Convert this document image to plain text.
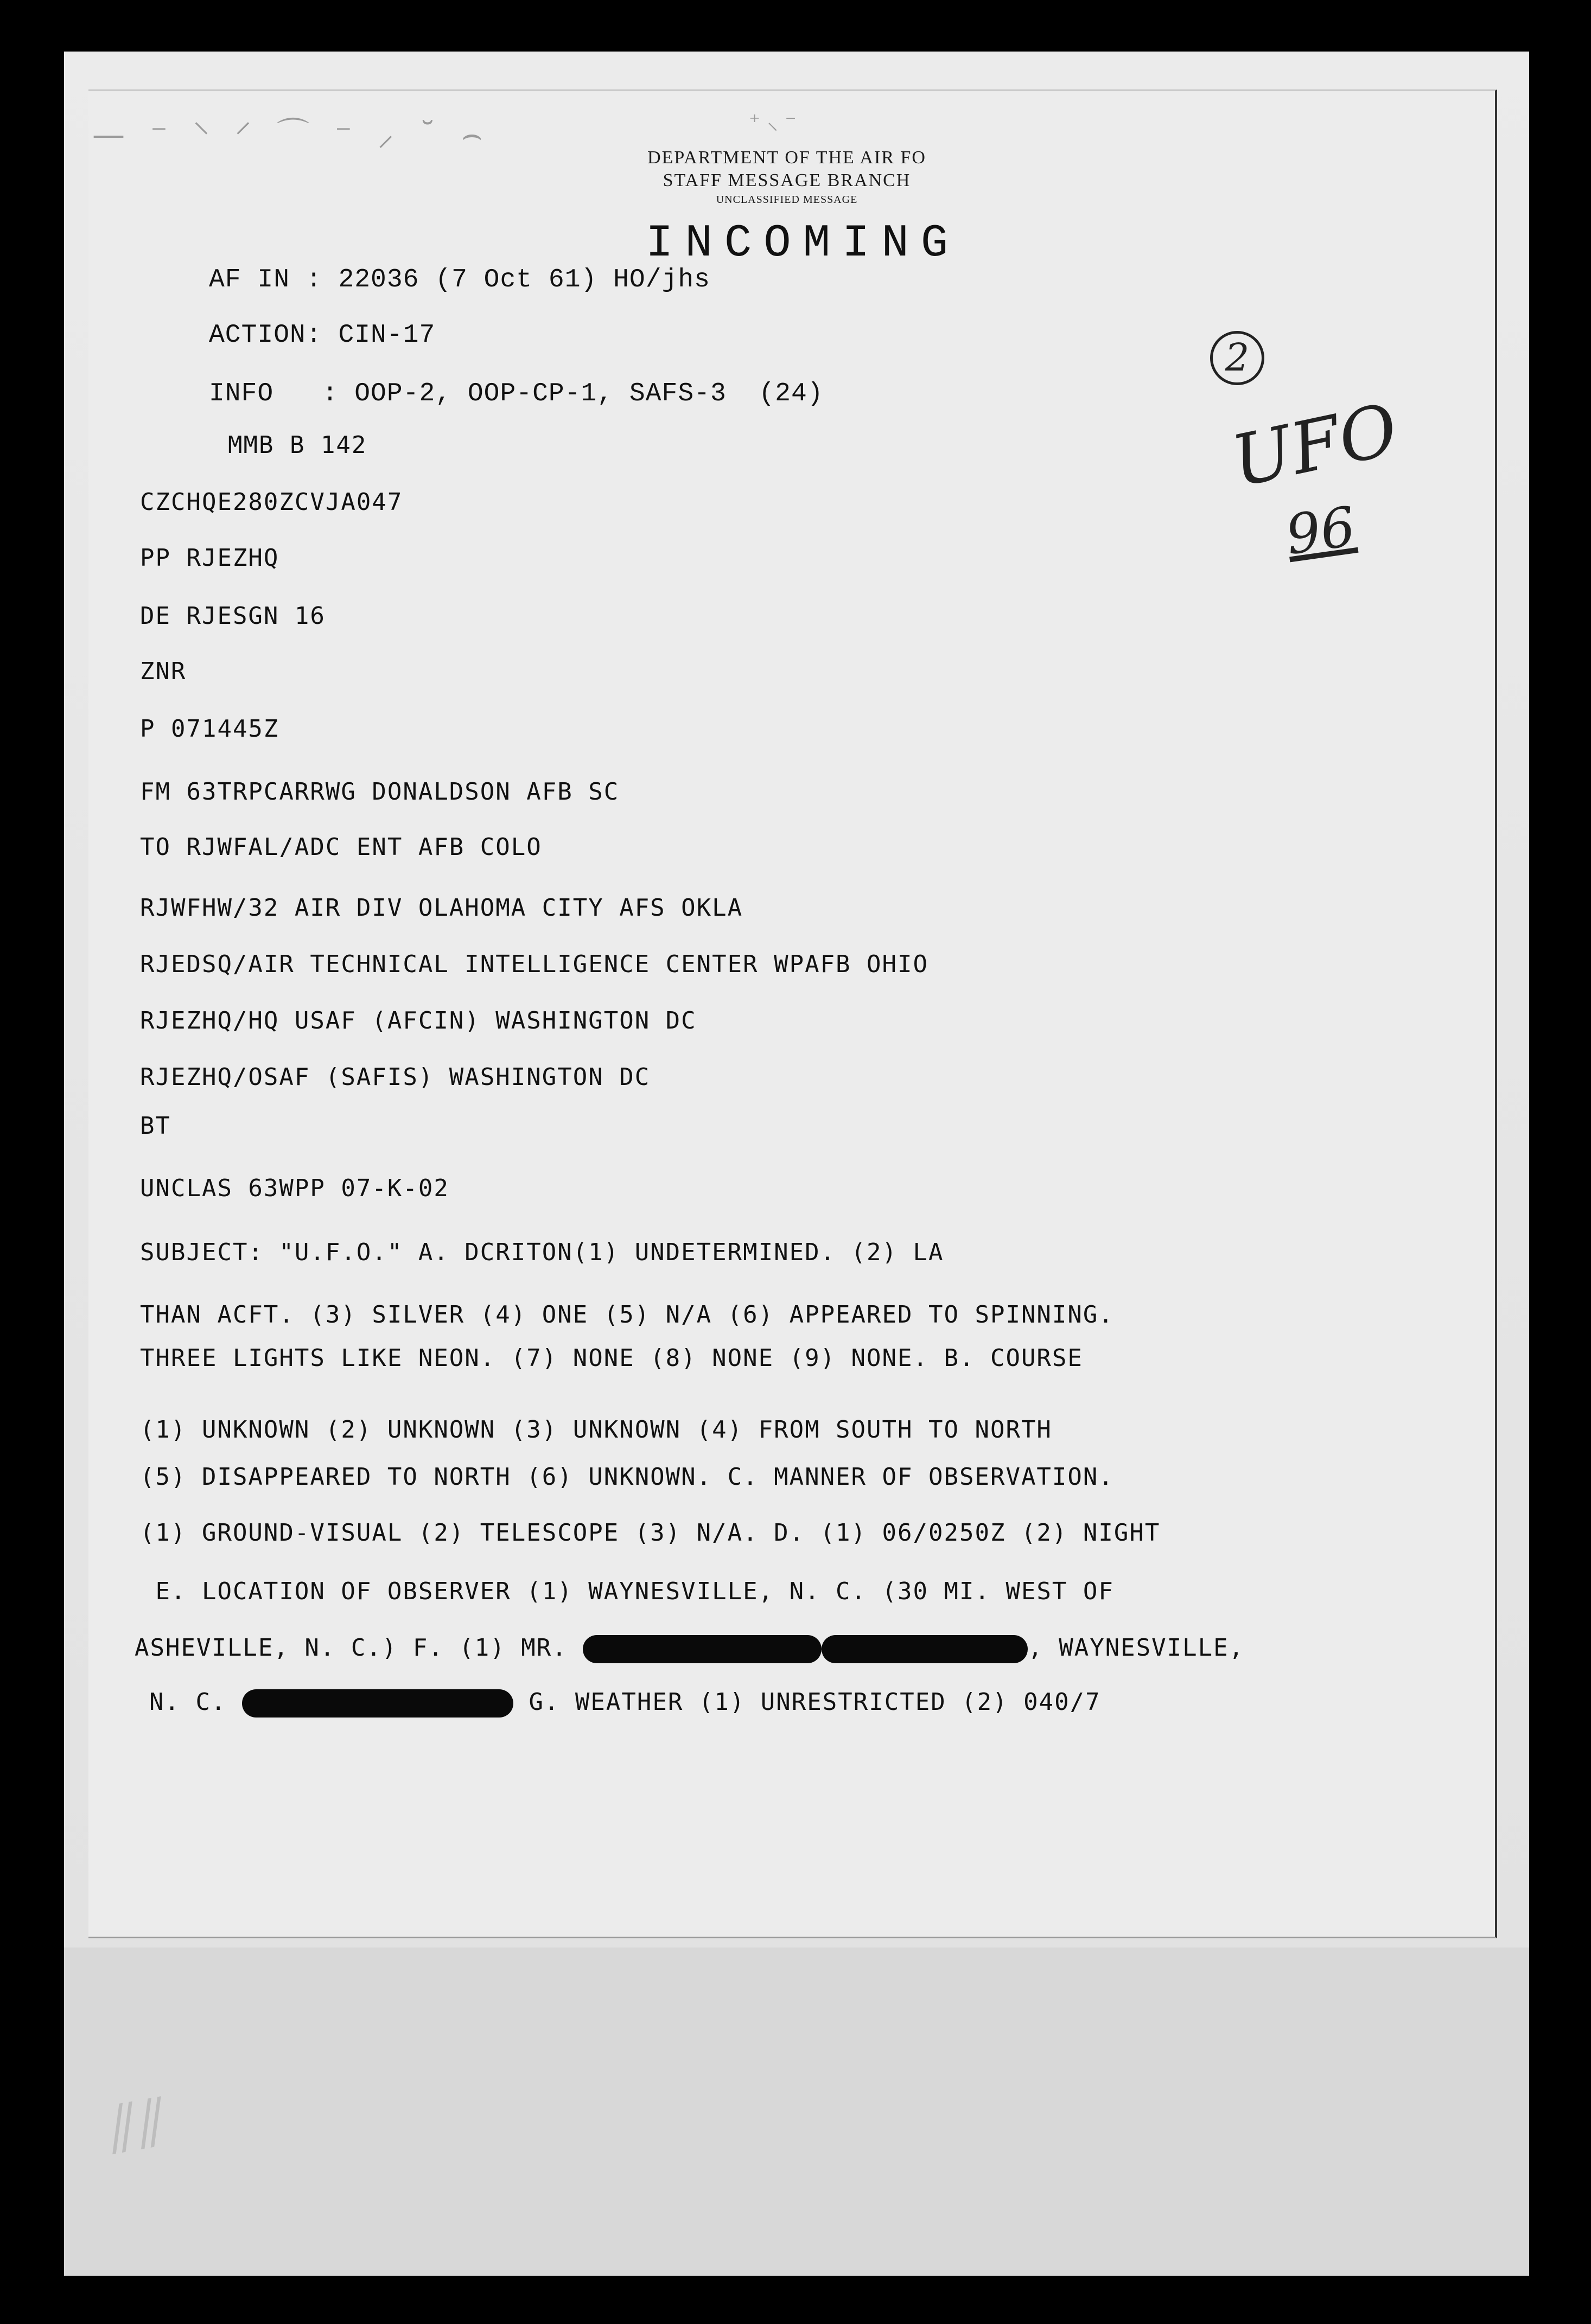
— ⁻ ⸌ ⸍ ⌒ ⁻ ⸝ ˘ ⌢	⁺ ⸜ ⁻
DEPARTMENT OF THE AIR FO
STAFF MESSAGE BRANCH
UNCLASSIFIED MESSAGE
INCOMING
AF IN : 22036 (7 Oct 61) HO/jhs
ACTION: CIN-17
INFO   : OOP-2, OOP-CP-1, SAFS-3  (24)
MMB B 142
2
UFO
96
CZCHQE280ZCVJA047
PP RJEZHQ
DE RJESGN 16
ZNR
P 071445Z
FM 63TRPCARRWG DONALDSON AFB SC
TO RJWFAL/ADC ENT AFB COLO
RJWFHW/32 AIR DIV OLAHOMA CITY AFS OKLA
RJEDSQ/AIR TECHNICAL INTELLIGENCE CENTER WPAFB OHIO
RJEZHQ/HQ USAF (AFCIN) WASHINGTON DC
RJEZHQ/OSAF (SAFIS) WASHINGTON DC
BT
UNCLAS 63WPP 07-K-02
SUBJECT: "U.F.O." A. DCRITON(1) UNDETERMINED. (2) LA
THAN ACFT. (3) SILVER (4) ONE (5) N/A (6) APPEARED TO SPINNING.
THREE LIGHTS LIKE NEON. (7) NONE (8) NONE (9) NONE. B. COURSE
(1) UNKNOWN (2) UNKNOWN (3) UNKNOWN (4) FROM SOUTH TO NORTH
(5) DISAPPEARED TO NORTH (6) UNKNOWN. C. MANNER OF OBSERVATION.
(1) GROUND-VISUAL (2) TELESCOPE (3) N/A. D. (1) 06/0250Z (2) NIGHT
E. LOCATION OF OBSERVER (1) WAYNESVILLE, N. C. (30 MI. WEST OF
ASHEVILLE, N. C.) F. (1) MR.	, WAYNESVILLE,
N. C.	G. WEATHER (1) UNRESTRICTED (2) 040/7
⫽⫽
